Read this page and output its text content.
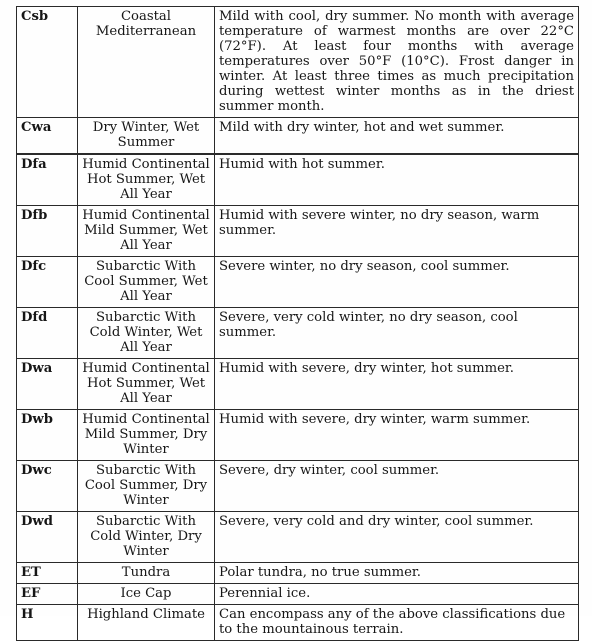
Csb	Coastal Mediterranean	Mild with cool, dry summer. No month with average temperature of warmest months are over 22°C (72°F). At least four months with average temperatures over 50°F (10°C). Frost danger in winter. At least three times as much precipitation during wettest winter months as in the driest summer month.
Cwa	Dry Winter, Wet Summer	Mild with dry winter, hot and wet summer.
Dfa	Humid Continental Hot Summer, Wet All Year	Humid with hot summer.
Dfb	Humid Continental Mild Summer, Wet All Year	Humid with severe winter, no dry season, warm summer.
Dfc	Subarctic With Cool Summer, Wet All Year	Severe winter, no dry season, cool summer.
Dfd	Subarctic With Cold Winter, Wet All Year	Severe, very cold winter, no dry season, cool summer.
Dwa	Humid Continental Hot Summer, Wet All Year	Humid with severe, dry winter, hot summer.
Dwb	Humid Continental Mild Summer, Dry Winter	Humid with severe, dry winter, warm summer.
Dwc	Subarctic With Cool Summer, Dry Winter	Severe, dry winter, cool summer.
Dwd	Subarctic With Cold Winter, Dry Winter	Severe, very cold and dry winter, cool summer.
ET	Tundra	Polar tundra, no true summer.
EF	Ice Cap	Perennial ice.
H	Highland Climate	Can encompass any of the above classifications due to the mountainous terrain.
